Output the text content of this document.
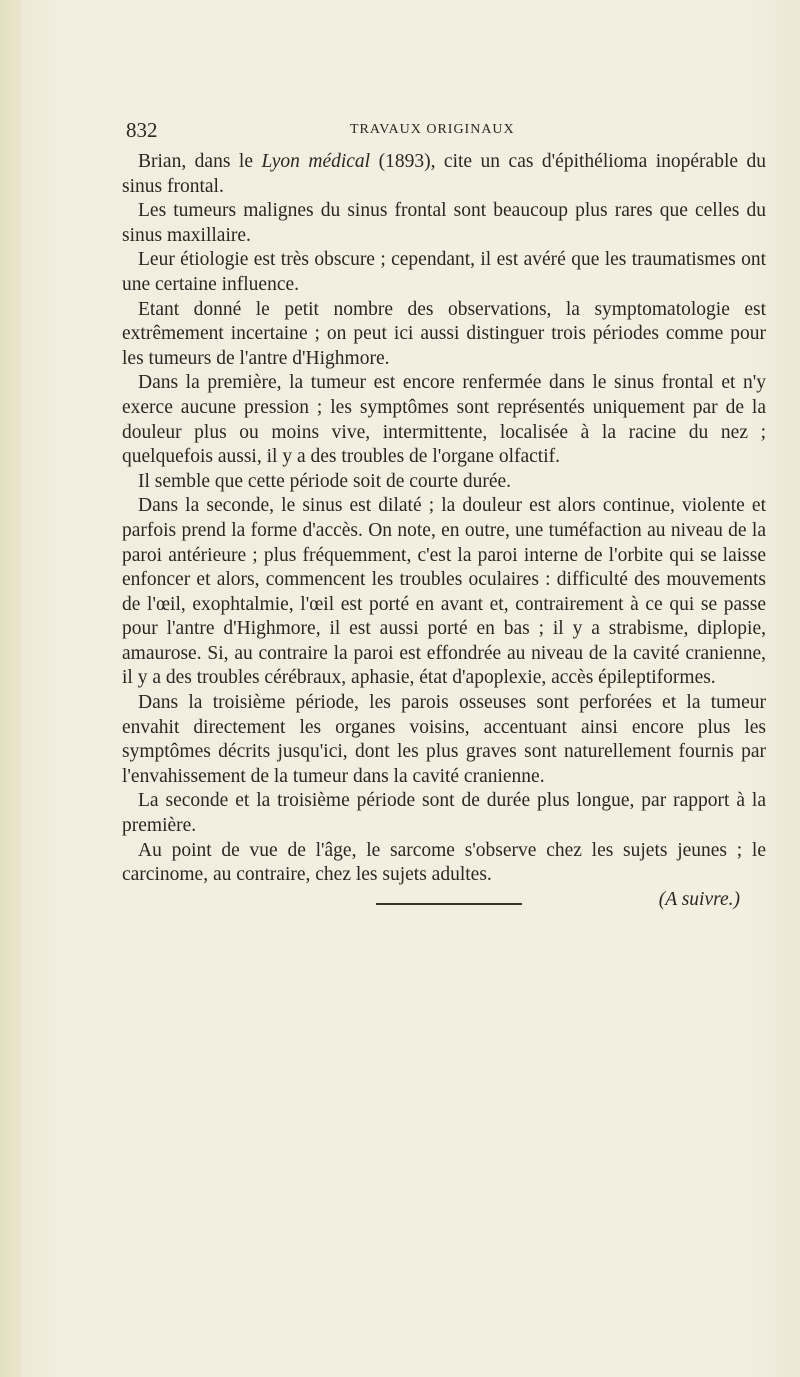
832	TRAVAUX ORIGINAUX

Brian, dans le Lyon médical (1893), cite un cas d'épithélioma inopérable du sinus frontal.

Les tumeurs malignes du sinus frontal sont beaucoup plus rares que celles du sinus maxillaire.

Leur étiologie est très obscure ; cependant, il est avéré que les traumatismes ont une certaine influence.

Etant donné le petit nombre des observations, la symptomatologie est extrêmement incertaine ; on peut ici aussi distinguer trois périodes comme pour les tumeurs de l'antre d'Highmore.

Dans la première, la tumeur est encore renfermée dans le sinus frontal et n'y exerce aucune pression ; les symptômes sont représentés uniquement par de la douleur plus ou moins vive, intermittente, localisée à la racine du nez ; quelquefois aussi, il y a des troubles de l'organe olfactif.

Il semble que cette période soit de courte durée.

Dans la seconde, le sinus est dilaté ; la douleur est alors continue, violente et parfois prend la forme d'accès. On note, en outre, une tuméfaction au niveau de la paroi antérieure ; plus fréquemment, c'est la paroi interne de l'orbite qui se laisse enfoncer et alors, commencent les troubles oculaires : difficulté des mouvements de l'œil, exophtalmie, l'œil est porté en avant et, contrairement à ce qui se passe pour l'antre d'Highmore, il est aussi porté en bas ; il y a strabisme, diplopie, amaurose. Si, au contraire la paroi est effondrée au niveau de la cavité cranienne, il y a des troubles cérébraux, aphasie, état d'apoplexie, accès épileptiformes.

Dans la troisième période, les parois osseuses sont perforées et la tumeur envahit directement les organes voisins, accentuant ainsi encore plus les symptômes décrits jusqu'ici, dont les plus graves sont naturellement fournis par l'envahissement de la tumeur dans la cavité cranienne.

La seconde et la troisième période sont de durée plus longue, par rapport à la première.

Au point de vue de l'âge, le sarcome s'observe chez les sujets jeunes ; le carcinome, au contraire, chez les sujets adultes.

(A suivre.)
